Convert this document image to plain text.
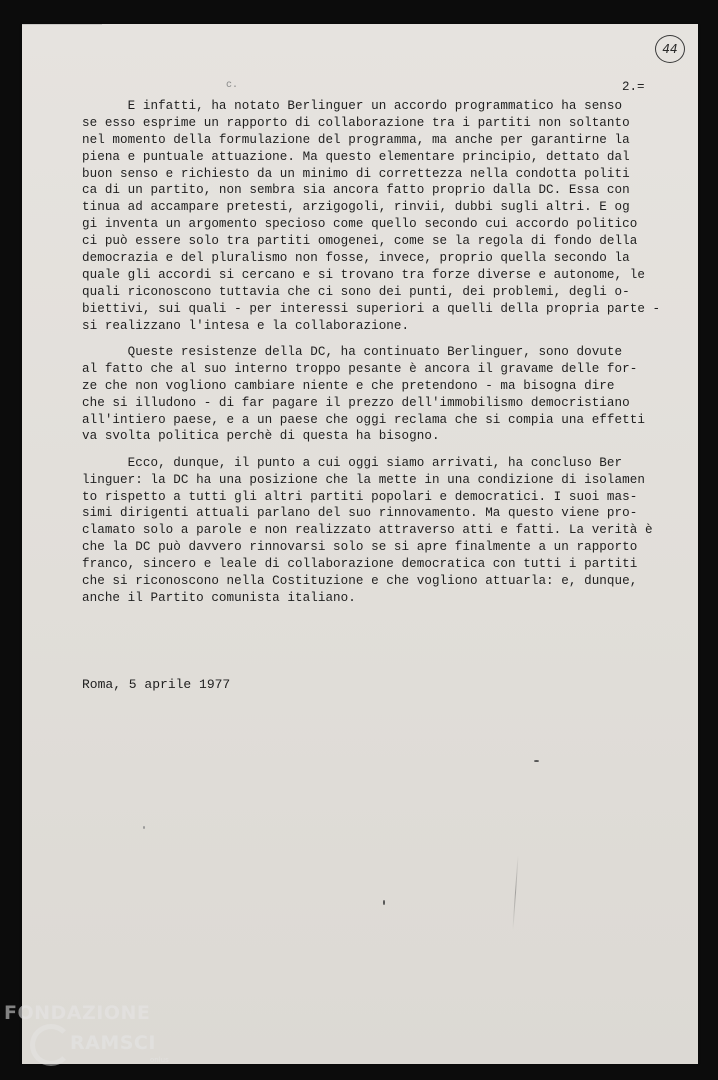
44
c.	2.=
E infatti, ha notato Berlinguer un accordo programmatico ha senso
se esso esprime un rapporto di collaborazione tra i partiti non soltanto
nel momento della formulazione del programma, ma anche per garantirne la
piena e puntuale attuazione. Ma questo elementare principio, dettato dal
buon senso e richiesto da un minimo di correttezza nella condotta politi
ca di un partito, non sembra sia ancora fatto proprio dalla DC. Essa con
tinua ad accampare pretesti, arzigogoli, rinvii, dubbi sugli altri. E og
gi inventa un argomento specioso come quello secondo cui accordo politico
ci può essere solo tra partiti omogenei, come se la regola di fondo della
democrazia e del pluralismo non fosse, invece, proprio quella secondo la
quale gli accordi si cercano e si trovano tra forze diverse e autonome, le
quali riconoscono tuttavia che ci sono dei punti, dei problemi, degli o-
biettivi, sui quali - per interessi superiori a quelli della propria parte -
si realizzano l'intesa e la collaborazione.
Queste resistenze della DC, ha continuato Berlinguer, sono dovute
al fatto che al suo interno troppo pesante è ancora il gravame delle for-
ze che non vogliono cambiare niente e che pretendono - ma bisogna dire
che si illudono - di far pagare il prezzo dell'immobilismo democristiano
all'intiero paese, e a un paese che oggi reclama che si compia una effetti
va svolta politica perchè di questa ha bisogno.
Ecco, dunque, il punto a cui oggi siamo arrivati, ha concluso Ber
linguer: la DC ha una posizione che la mette in una condizione di isolamen
to rispetto a tutti gli altri partiti popolari e democratici. I suoi mas-
simi dirigenti attuali parlano del suo rinnovamento. Ma questo viene pro-
clamato solo a parole e non realizzato attraverso atti e fatti. La verità è
che la DC può davvero rinnovarsi solo se si apre finalmente a un rapporto
franco, sincero e leale di collaborazione democratica con tutti i partiti
che si riconoscono nella Costituzione e che vogliono attuarla: e, dunque,
anche il Partito comunista italiano.
Roma, 5 aprile 1977
FONDAZIONE
RAMSCI
onlus
